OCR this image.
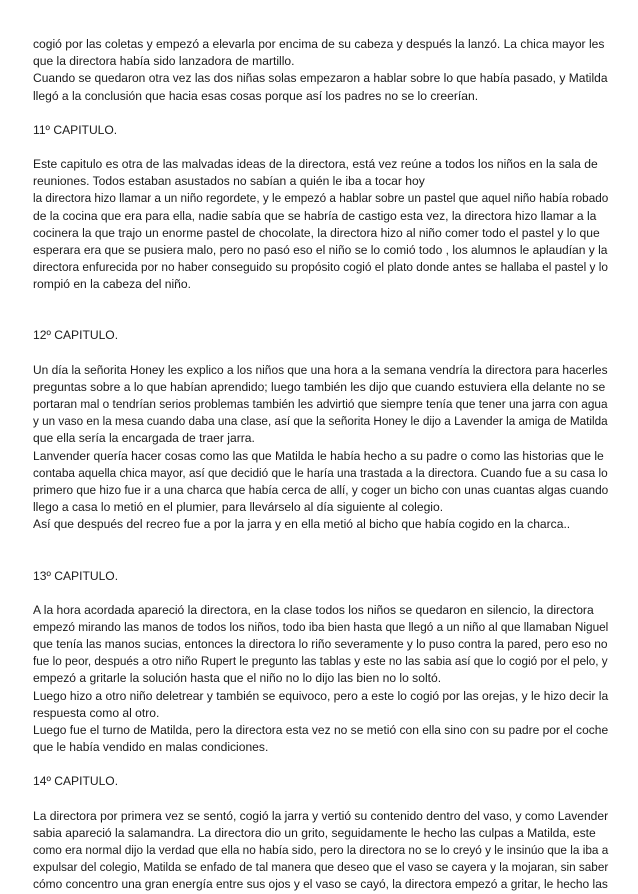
cogió por las coletas y empezó a elevarla por encima de su cabeza y después la lanzó. La chica mayor les
que la directora había sido lanzadora de martillo.
Cuando se quedaron otra vez las dos niñas solas empezaron a hablar sobre lo que había pasado, y Matilda
llegó a la conclusión que hacia esas cosas porque así los padres no se lo creerían.
11º CAPITULO.
Este capitulo es otra de las malvadas ideas de la directora, está vez reúne a todos los niños en la sala de
reuniones. Todos estaban asustados no sabían a quién le iba a tocar hoy
la directora hizo llamar a un niño regordete, y le empezó a hablar sobre un pastel que aquel niño había robado
de la cocina que era para ella, nadie sabía que se habría de castigo esta vez, la directora hizo llamar a la
cocinera la que trajo un enorme pastel de chocolate, la directora hizo al niño comer todo el pastel y lo que
esperara era que se pusiera malo, pero no pasó eso el niño se lo comió todo , los alumnos le aplaudían y la
directora enfurecida por no haber conseguido su propósito cogió el plato donde antes se hallaba el pastel y lo
rompió en la cabeza del niño.
12º CAPITULO.
Un día la señorita Honey les explico a los niños que una hora a la semana vendría la directora para hacerles
preguntas sobre a lo que habían aprendido; luego también les dijo que cuando estuviera ella delante no se
portaran mal o tendrían serios problemas también les advirtió que siempre tenía que tener una jarra con agua
y un vaso en la mesa cuando daba una clase, así que la señorita Honey le dijo a Lavender la amiga de Matilda
que ella sería la encargada de traer jarra.
Lanvender quería hacer cosas como las que Matilda le había hecho a su padre o como las historias que le
contaba aquella chica mayor, así que decidió que le haría una trastada a la directora. Cuando fue a su casa lo
primero que hizo fue ir a una charca que había cerca de allí, y coger un bicho con unas cuantas algas cuando
llego a casa lo metió en el plumier, para llevárselo al día siguiente al colegio.
Así que después del recreo fue a por la jarra y en ella metió al bicho que había cogido en la charca..
13º CAPITULO.
A la hora acordada apareció la directora, en la clase todos los niños se quedaron en silencio, la directora
empezó mirando las manos de todos los niños, todo iba bien hasta que llegó a un niño al que llamaban Niguel
que tenía las manos sucias, entonces la directora lo riño severamente y lo puso contra la pared, pero eso no
fue lo peor, después a otro niño Rupert le pregunto las tablas y este no las sabia así que lo cogió por el pelo, y
empezó a gritarle la solución hasta que el niño no lo dijo las bien no lo soltó.
Luego hizo a otro niño deletrear y también se equivoco, pero a este lo cogió por las orejas, y le hizo decir la
respuesta como al otro.
Luego fue el turno de Matilda, pero la directora esta vez no se metió con ella sino con su padre por el coche
que le había vendido en malas condiciones.
14º CAPITULO.
La directora por primera vez se sentó, cogió la jarra y vertió su contenido dentro del vaso, y como Lavender
sabia apareció la salamandra. La directora dio un grito, seguidamente le hecho las culpas a Matilda, este
como era normal dijo la verdad que ella no había sido, pero la directora no se lo creyó y le insinúo que la iba a
expulsar del colegio, Matilda se enfado de tal manera que deseo que el vaso se cayera y la mojaran, sin saber
cómo concentro una gran energía entre sus ojos y el vaso se cayó, la directora empezó a gritar, le hecho las
